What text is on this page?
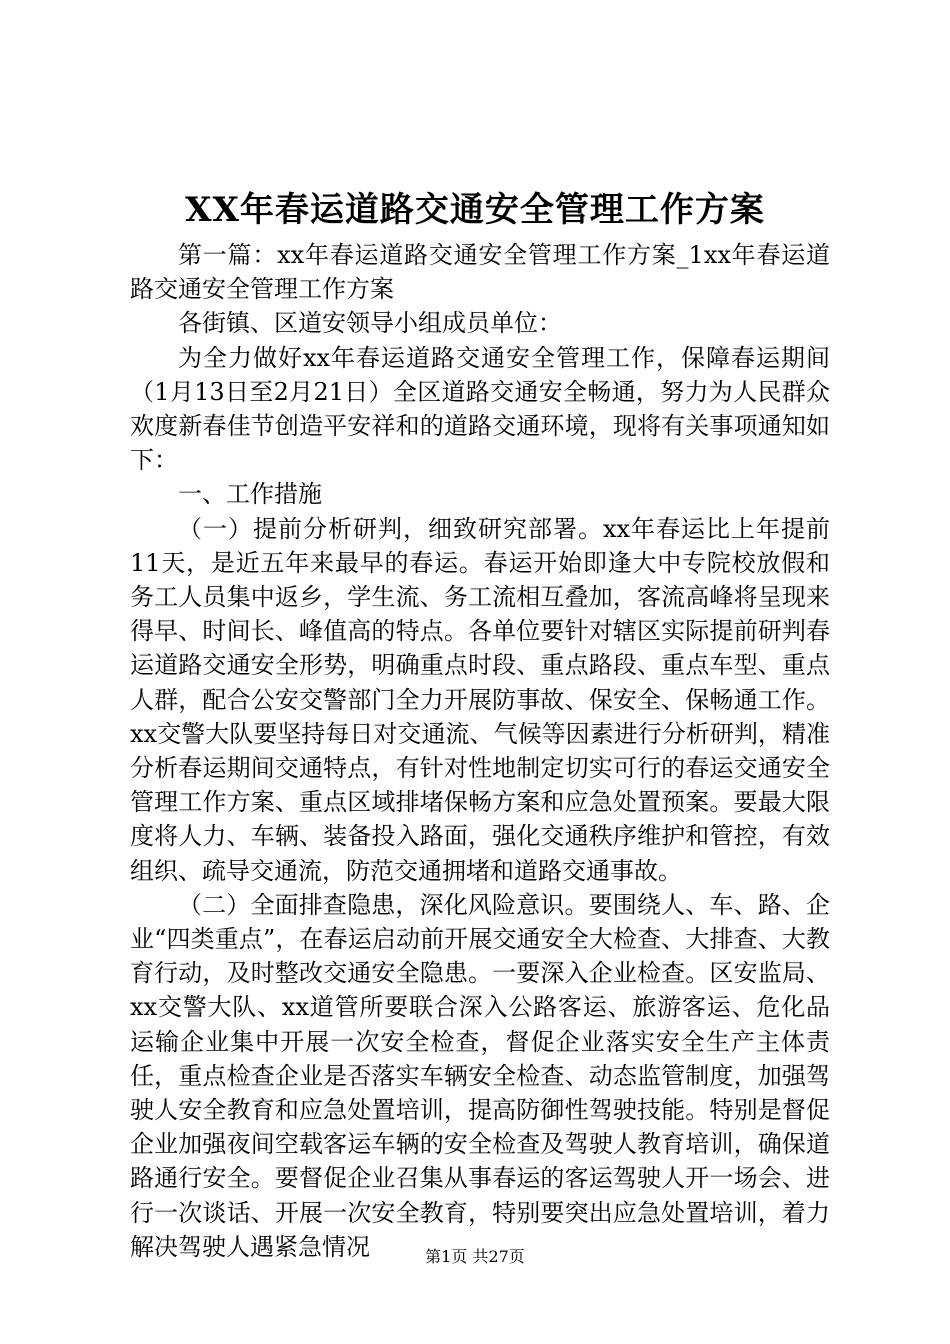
XX年春运道路交通安全管理工作方案

第一篇：xx年春运道路交通安全管理工作方案_1xx年春运道路交通安全管理工作方案

各街镇、区道安领导小组成员单位：

为全力做好xx年春运道路交通安全管理工作，保障春运期间（1月13日至2月21日）全区道路交通安全畅通，努力为人民群众欢度新春佳节创造平安祥和的道路交通环境，现将有关事项通知如下：

一、工作措施

（一）提前分析研判，细致研究部署。xx年春运比上年提前11天，是近五年来最早的春运。春运开始即逢大中专院校放假和务工人员集中返乡，学生流、务工流相互叠加，客流高峰将呈现来得早、时间长、峰值高的特点。各单位要针对辖区实际提前研判春运道路交通安全形势，明确重点时段、重点路段、重点车型、重点人群，配合公安交警部门全力开展防事故、保安全、保畅通工作。xx交警大队要坚持每日对交通流、气候等因素进行分析研判，精准分析春运期间交通特点，有针对性地制定切实可行的春运交通安全管理工作方案、重点区域排堵保畅方案和应急处置预案。要最大限度将人力、车辆、装备投入路面，强化交通秩序维护和管控，有效组织、疏导交通流，防范交通拥堵和道路交通事故。

（二）全面排查隐患，深化风险意识。要围绕人、车、路、企业“四类重点”，在春运启动前开展交通安全大检查、大排查、大教育行动，及时整改交通安全隐患。一要深入企业检查。区安监局、xx交警大队、xx道管所要联合深入公路客运、旅游客运、危化品运输企业集中开展一次安全检查，督促企业落实安全生产主体责任，重点检查企业是否落实车辆安全检查、动态监管制度，加强驾驶人安全教育和应急处置培训，提高防御性驾驶技能。特别是督促企业加强夜间空载客运车辆的安全检查及驾驶人教育培训，确保道路通行安全。要督促企业召集从事春运的客运驾驶人开一场会、进行一次谈话、开展一次安全教育，特别要突出应急处置培训，着力解决驾驶人遇紧急情况	第1页 共27页
